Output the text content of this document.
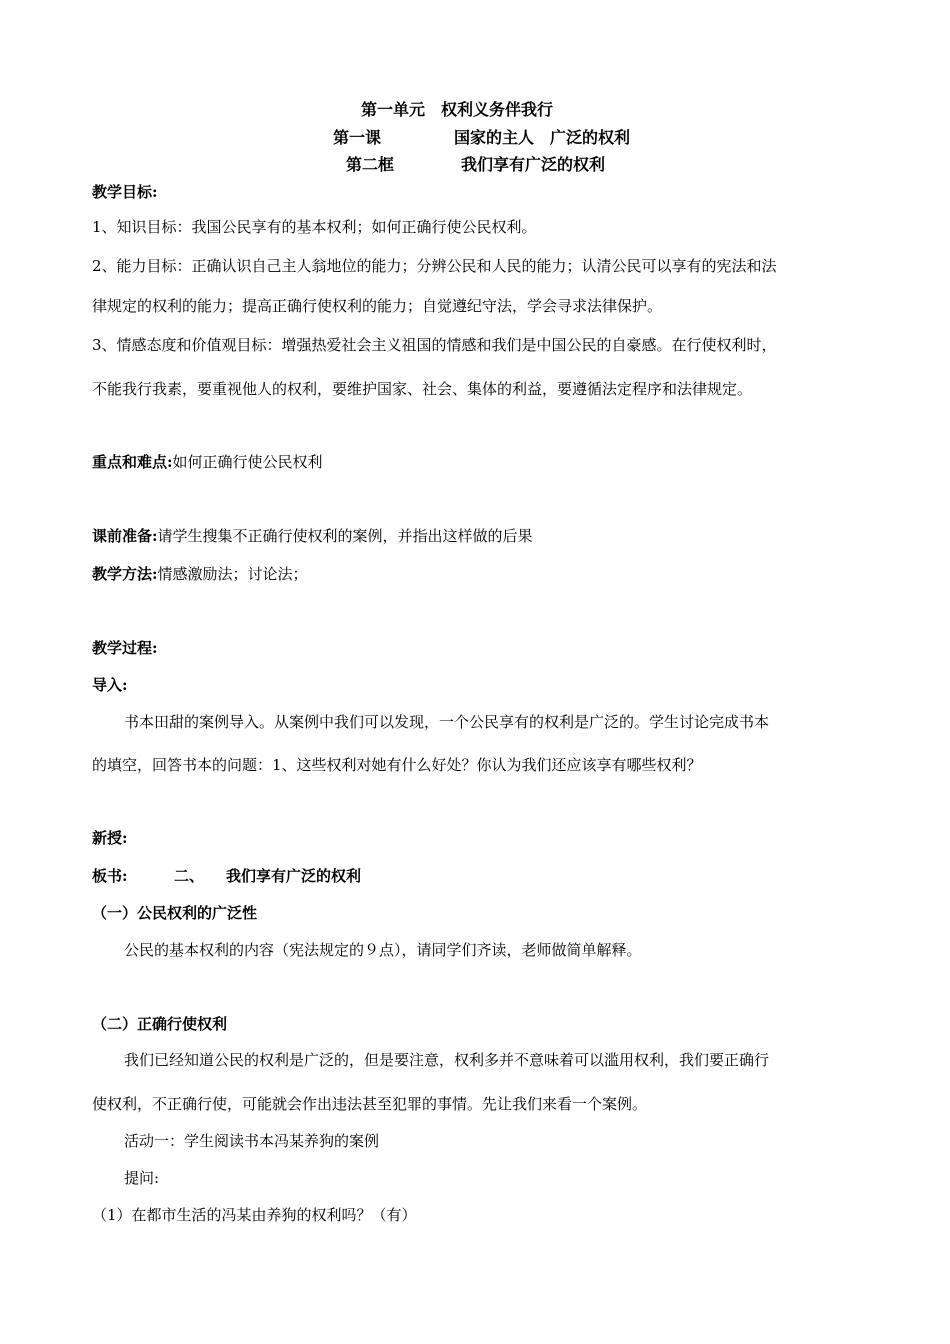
第一单元　权利义务伴我行
第一课	国家的主人　广泛的权利
第二框	我们享有广泛的权利
教学目标:
1、知识目标：我国公民享有的基本权利；如何正确行使公民权利。
2、能力目标：正确认识自己主人翁地位的能力；分辨公民和人民的能力；认清公民可以享有的宪法和法
律规定的权利的能力；提高正确行使权利的能力；自觉遵纪守法，学会寻求法律保护。
3、情感态度和价值观目标：增强热爱社会主义祖国的情感和我们是中国公民的自豪感。在行使权利时，
不能我行我素，要重视他人的权利，要维护国家、社会、集体的利益，要遵循法定程序和法律规定。
重点和难点:如何正确行使公民权利
课前准备:请学生搜集不正确行使权利的案例，并指出这样做的后果
教学方法:情感激励法；讨论法；
教学过程:
导入:
书本田甜的案例导入。从案例中我们可以发现，一个公民享有的权利是广泛的。学生讨论完成书本
的填空，回答书本的问题：1、这些权利对她有什么好处？你认为我们还应该享有哪些权利？
新授:
板书:	二、 我们享有广泛的权利
（一）公民权利的广泛性
公民的基本权利的内容（宪法规定的９点），请同学们齐读，老师做简单解释。
（二）正确行使权利
我们已经知道公民的权利是广泛的，但是要注意，权利多并不意味着可以滥用权利，我们要正确行
使权利，不正确行使，可能就会作出违法甚至犯罪的事情。先让我们来看一个案例。
活动一：学生阅读书本冯某养狗的案例
提问:
（1）在都市生活的冯某由养狗的权利吗？（有）
